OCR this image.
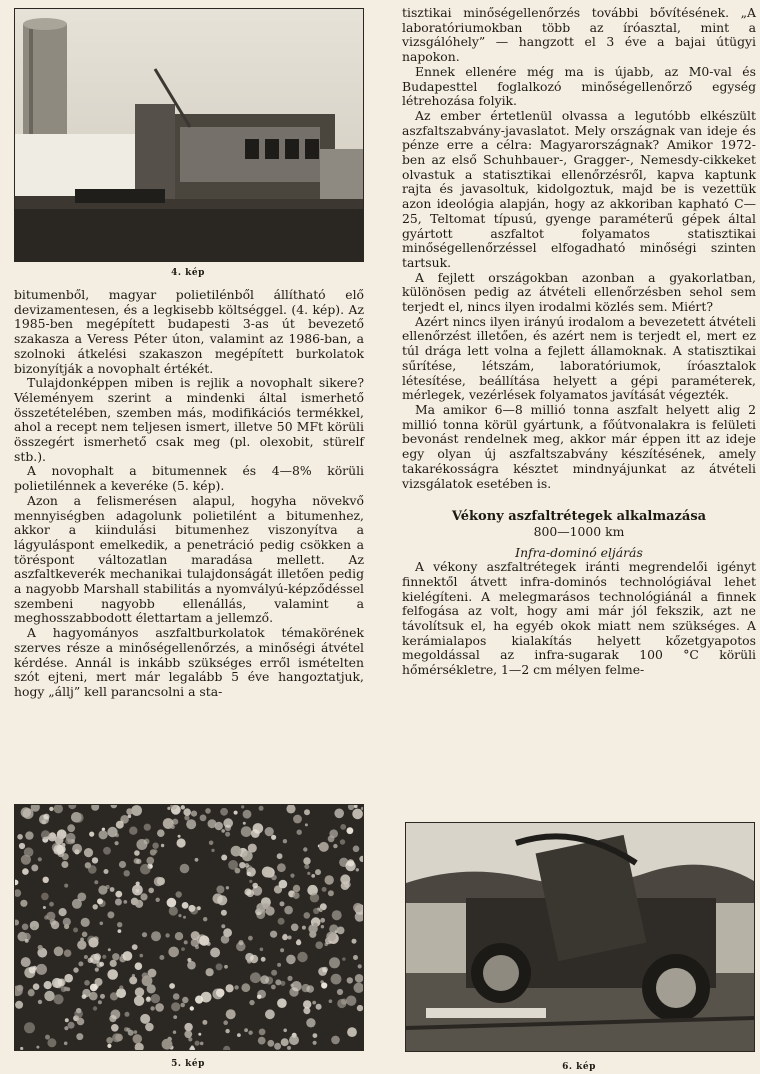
4. kép

bitumenből, magyar polietilénből állítható elő devizamentesen, és a legkisebb költséggel. (4. kép). Az 1985-ben megépített budapesti 3-as út bevezető szakasza a Veress Péter úton, valamint az 1986-ban, a szolnoki átkelési szakaszon megépített burkolatok bizonyítják a novophalt értékét.

Tulajdonképpen miben is rejlik a novophalt sikere? Véleményem szerint a mindenki által ismerhető összetételében, szemben más, modifikációs termékkel, ahol a recept nem teljesen ismert, illetve 50 MFt körüli összegért ismerhető csak meg (pl. olexobit, stürelf stb.).

A novophalt a bitumennek és 4—8% körüli polietilénnek a keveréke (5. kép).

Azon a felismerésen alapul, hogyha növekvő mennyiségben adagolunk polietilént a bitumenhez, akkor a kiindulási bitumenhez viszonyítva a lágyuláspont emelkedik, a penetráció pedig csökken a töréspont változatlan maradása mellett. Az aszfaltkeverék mechanikai tulajdonságát illetően pedig a nagyobb Marshall stabilitás a nyomvályú-képződéssel szembeni nagyobb ellenállás, valamint a meghosszabbodott élettartam a jellemző.

A hagyományos aszfaltburkolatok témakörének szerves része a minőségellenőrzés, a minőségi átvétel kérdése. Annál is inkább szükséges erről ismételten szót ejteni, mert már legalább 5 éve hangoztatjuk, hogy „állj” kell parancsolni a sta-

5. kép

tisztikai minőségellenőrzés további bővítésének. „A laboratóriumokban több az íróasztal, mint a vizsgálóhely” — hangzott el 3 éve a bajai útügyi napokon.

Ennek ellenére még ma is újabb, az M0-val és Budapesttel foglalkozó minőségellenőrző egység létrehozása folyik.

Az ember értetlenül olvassa a legutóbb elkészült aszfaltszabvány-javaslatot. Mely országnak van ideje és pénze erre a célra: Magyarországnak? Amikor 1972-ben az első Schuhbauer-, Gragger-, Nemesdy-cikkeket olvastuk a statisztikai ellenőrzésről, kapva kaptunk rajta és javasoltuk, kidolgoztuk, majd be is vezettük azon ideológia alapján, hogy az akkoriban kapható C—25, Teltomat típusú, gyenge paraméterű gépek által gyártott aszfaltot folyamatos statisztikai minőségellenőrzéssel elfogadható minőségi szinten tartsuk.

A fejlett országokban azonban a gyakorlatban, különösen pedig az átvételi ellenőrzésben sehol sem terjedt el, nincs ilyen irodalmi közlés sem. Miért?

Azért nincs ilyen irányú irodalom a bevezetett átvételi ellenőrzést illetően, és azért nem is terjedt el, mert ez túl drága lett volna a fejlett államoknak. A statisztikai sűrítése, létszám, laboratóriumok, íróasztalok létesítése, beállítása helyett a gépi paraméterek, mérlegek, vezérlések folyamatos javítását végezték.

Ma amikor 6—8 millió tonna aszfalt helyett alig 2 millió tonna körül gyártunk, a főútvonalakra is felületi bevonást rendelnek meg, akkor már éppen itt az ideje egy olyan új aszfaltszabvány készítésének, amely takarékosságra késztet mindnyájunkat az átvételi vizsgálatok esetében is.

Vékony aszfaltrétegek alkalmazása
800—1000 km
Infra-dominó eljárás

A vékony aszfaltrétegek iránti megrendelői igényt finnektől átvett infra-dominós technológiával lehet kielégíteni. A melegmarásos technológiánál a finnek felfogása az volt, hogy ami már jól fekszik, azt ne távolítsuk el, ha egyéb okok miatt nem szükséges. A kerámialapos kialakítás helyett kőzetgyapotos megoldással az infra-sugarak 100 °C körüli hőmérsékletre, 1—2 cm mélyen felme-

6. kép
